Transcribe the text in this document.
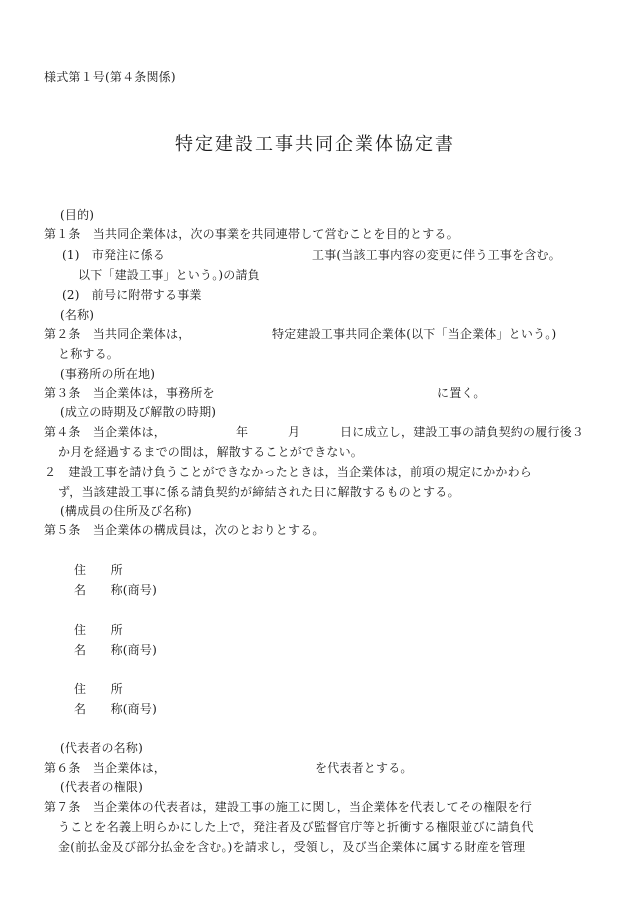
様式第１号(第４条関係)
特定建設工事共同企業体協定書
(目的)
第１条　当共同企業体は，次の事業を共同連帯して営むことを目的とする。
(1)　市発注に係る	工事(当該工事内容の変更に伴う工事を含む。
以下「建設工事」という。)の請負
(2)　前号に附帯する事業
(名称)
第２条　当共同企業体は，	特定建設工事共同企業体(以下「当企業体」という。)
と称する。
(事務所の所在地)
第３条　当企業体は，事務所を	に置く。
(成立の時期及び解散の時期)
第４条　当企業体は，	年	月	日に成立し，建設工事の請負契約の履行後３
か月を経過するまでの間は，解散することができない。
２　建設工事を請け負うことができなかったときは，当企業体は，前項の規定にかかわら
ず，当該建設工事に係る請負契約が締結された日に解散するものとする。
(構成員の住所及び名称)
第５条　当企業体の構成員は，次のとおりとする。
住　　所
名　　称(商号)
住　　所
名　　称(商号)
住　　所
名　　称(商号)
(代表者の名称)
第６条　当企業体は，	を代表者とする。
(代表者の権限)
第７条　当企業体の代表者は，建設工事の施工に関し，当企業体を代表してその権限を行
うことを名義上明らかにした上で，発注者及び監督官庁等と折衝する権限並びに請負代
金(前払金及び部分払金を含む。)を請求し，受領し，及び当企業体に属する財産を管理
